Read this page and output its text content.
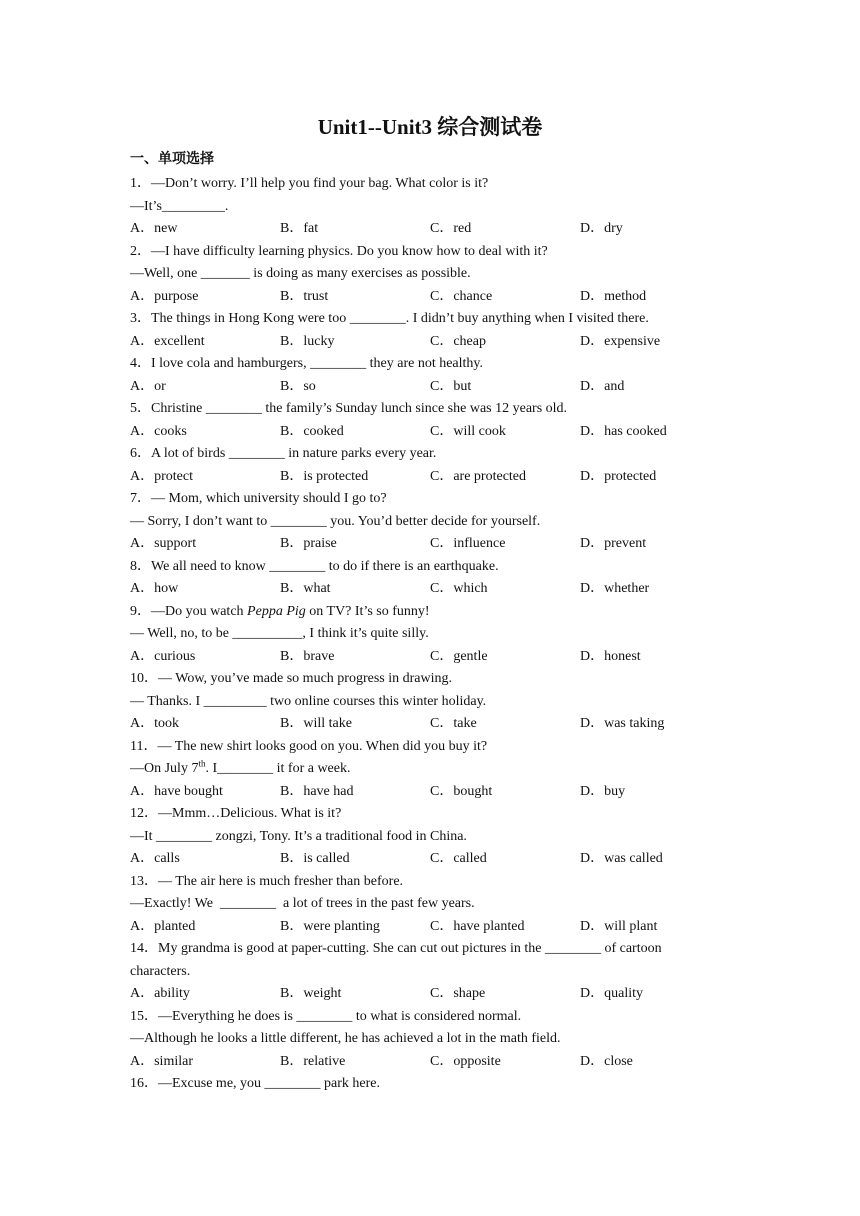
Unit1--Unit3 综合测试卷
一、单项选择
1．—Don’t worry. I’ll help you find your bag. What color is it?
—It’s_________.
A．new	B．fat	C．red	D．dry
2．—I have difficulty learning physics. Do you know how to deal with it?
—Well, one _______ is doing as many exercises as possible.
A．purpose	B．trust	C．chance	D．method
3．The things in Hong Kong were too ________. I didn’t buy anything when I visited there.
A．excellent	B．lucky	C．cheap	D．expensive
4．I love cola and hamburgers, ________ they are not healthy.
A．or	B．so	C．but	D．and
5．Christine ________ the family’s Sunday lunch since she was 12 years old.
A．cooks	B．cooked	C．will cook	D．has cooked
6．A lot of birds ________ in nature parks every year.
A．protect	B．is protected	C．are protected	D．protected
7．— Mom, which university should I go to?
— Sorry, I don’t want to ________ you. You’d better decide for yourself.
A．support	B．praise	C．influence	D．prevent
8．We all need to know ________ to do if there is an earthquake.
A．how	B．what	C．which	D．whether
9．—Do you watch Peppa Pig on TV? It’s so funny!
— Well, no, to be __________, I think it’s quite silly.
A．curious	B．brave	C．gentle	D．honest
10．— Wow, you’ve made so much progress in drawing.
— Thanks. I _________ two online courses this winter holiday.
A．took	B．will take	C．take	D．was taking
11．— The new shirt looks good on you. When did you buy it?
—On July 7th. I________ it for a week.
A．have bought	B．have had	C．bought	D．buy
12．—Mmm…Delicious. What is it?
—It ________ zongzi, Tony. It’s a traditional food in China.
A．calls	B．is called	C．called	D．was called
13．— The air here is much fresher than before.
—Exactly! We  ________  a lot of trees in the past few years.
A．planted	B．were planting	C．have planted	D．will plant
14．My grandma is good at paper-cutting. She can cut out pictures in the ________ of cartoon characters.
A．ability	B．weight	C．shape	D．quality
15．—Everything he does is ________ to what is considered normal.
—Although he looks a little different, he has achieved a lot in the math field.
A．similar	B．relative	C．opposite	D．close
16．—Excuse me, you ________ park here.
